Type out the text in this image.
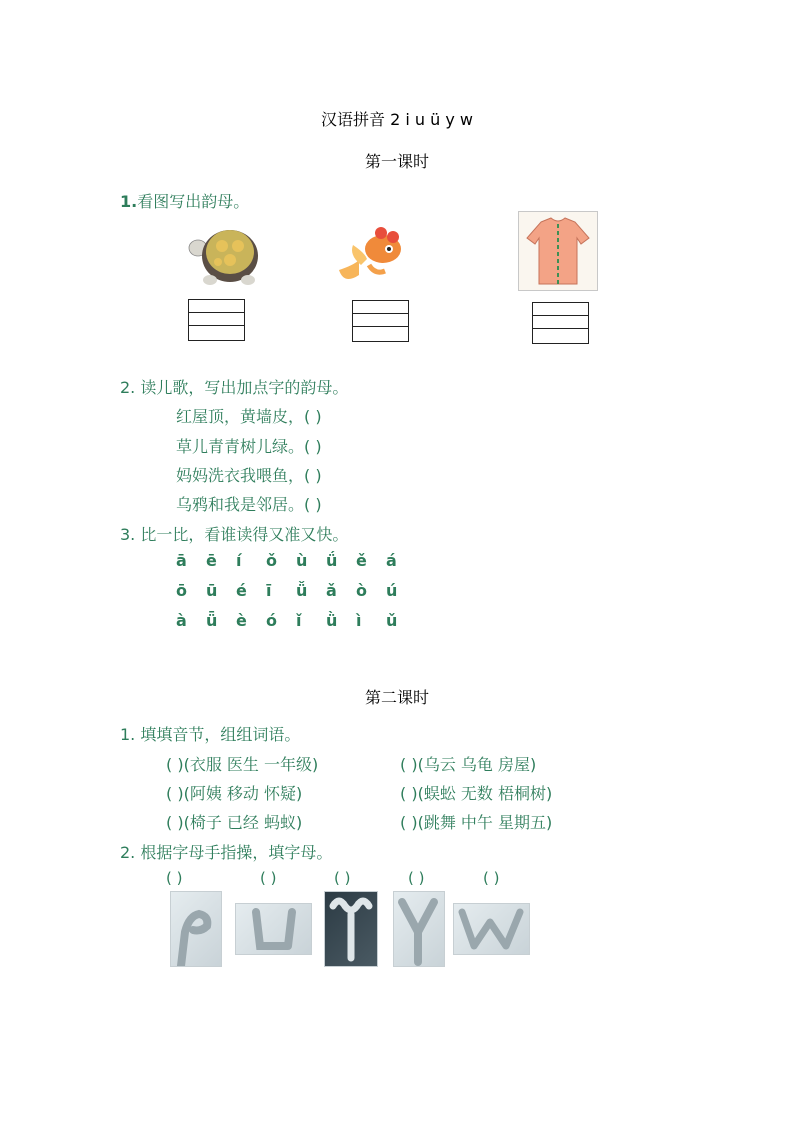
汉语拼音 2 i u ü y w
第一课时
1.看图写出韵母。
2. 读儿歌，写出加点字的韵母。
红屋顶，黄墙皮，( )
草儿青青树儿绿。( )
妈妈洗衣我喂鱼，( )
乌鸦和我是邻居。( )
3. 比一比，看谁读得又准又快。
ā ē í ǒ ù ǘ ě á
ō ū é ī ǚ ǎ ò ú
à ǖ è ó ǐ ǜ ì ǔ
第二课时
1. 填填音节，组组词语。
( )(衣服 医生 一年级)	( )(乌云 乌龟 房屋)
( )(阿姨 移动 怀疑)	( )(蜈蚣 无数 梧桐树)
( )(椅子 已经 蚂蚁)	( )(跳舞 中午 星期五)
2. 根据字母手指操，填字母。
( )	( )	( )	( )	( )
